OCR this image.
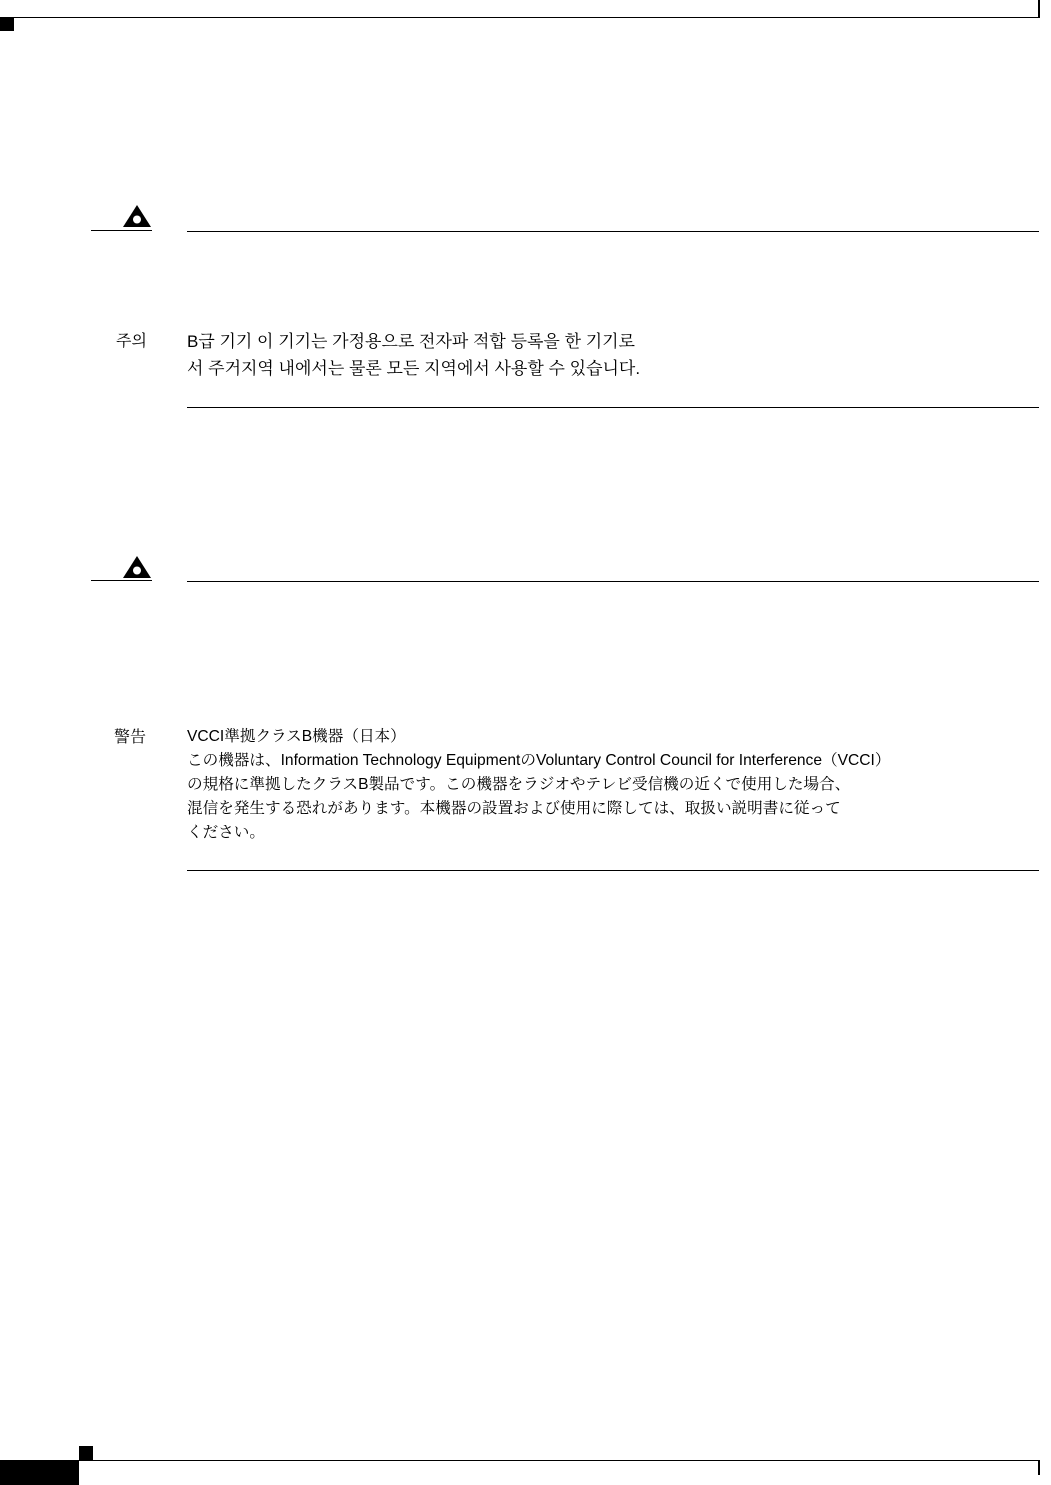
주의 B급 기기 이 기기는 가정용으로 전자파 적합 등록을 한 기기로
서 주거지역 내에서는 물론 모든 지역에서 사용할 수 있습니다.
警告	VCCI準拠クラスB機器（日本）
この機器は、Information Technology EquipmentのVoluntary Control Council for Interference（VCCI）
の規格に準拠したクラスB製品です。この機器をラジオやテレビ受信機の近くで使用した場合、
混信を発生する恐れがあります。本機器の設置および使用に際しては、取扱い説明書に従って
ください。
